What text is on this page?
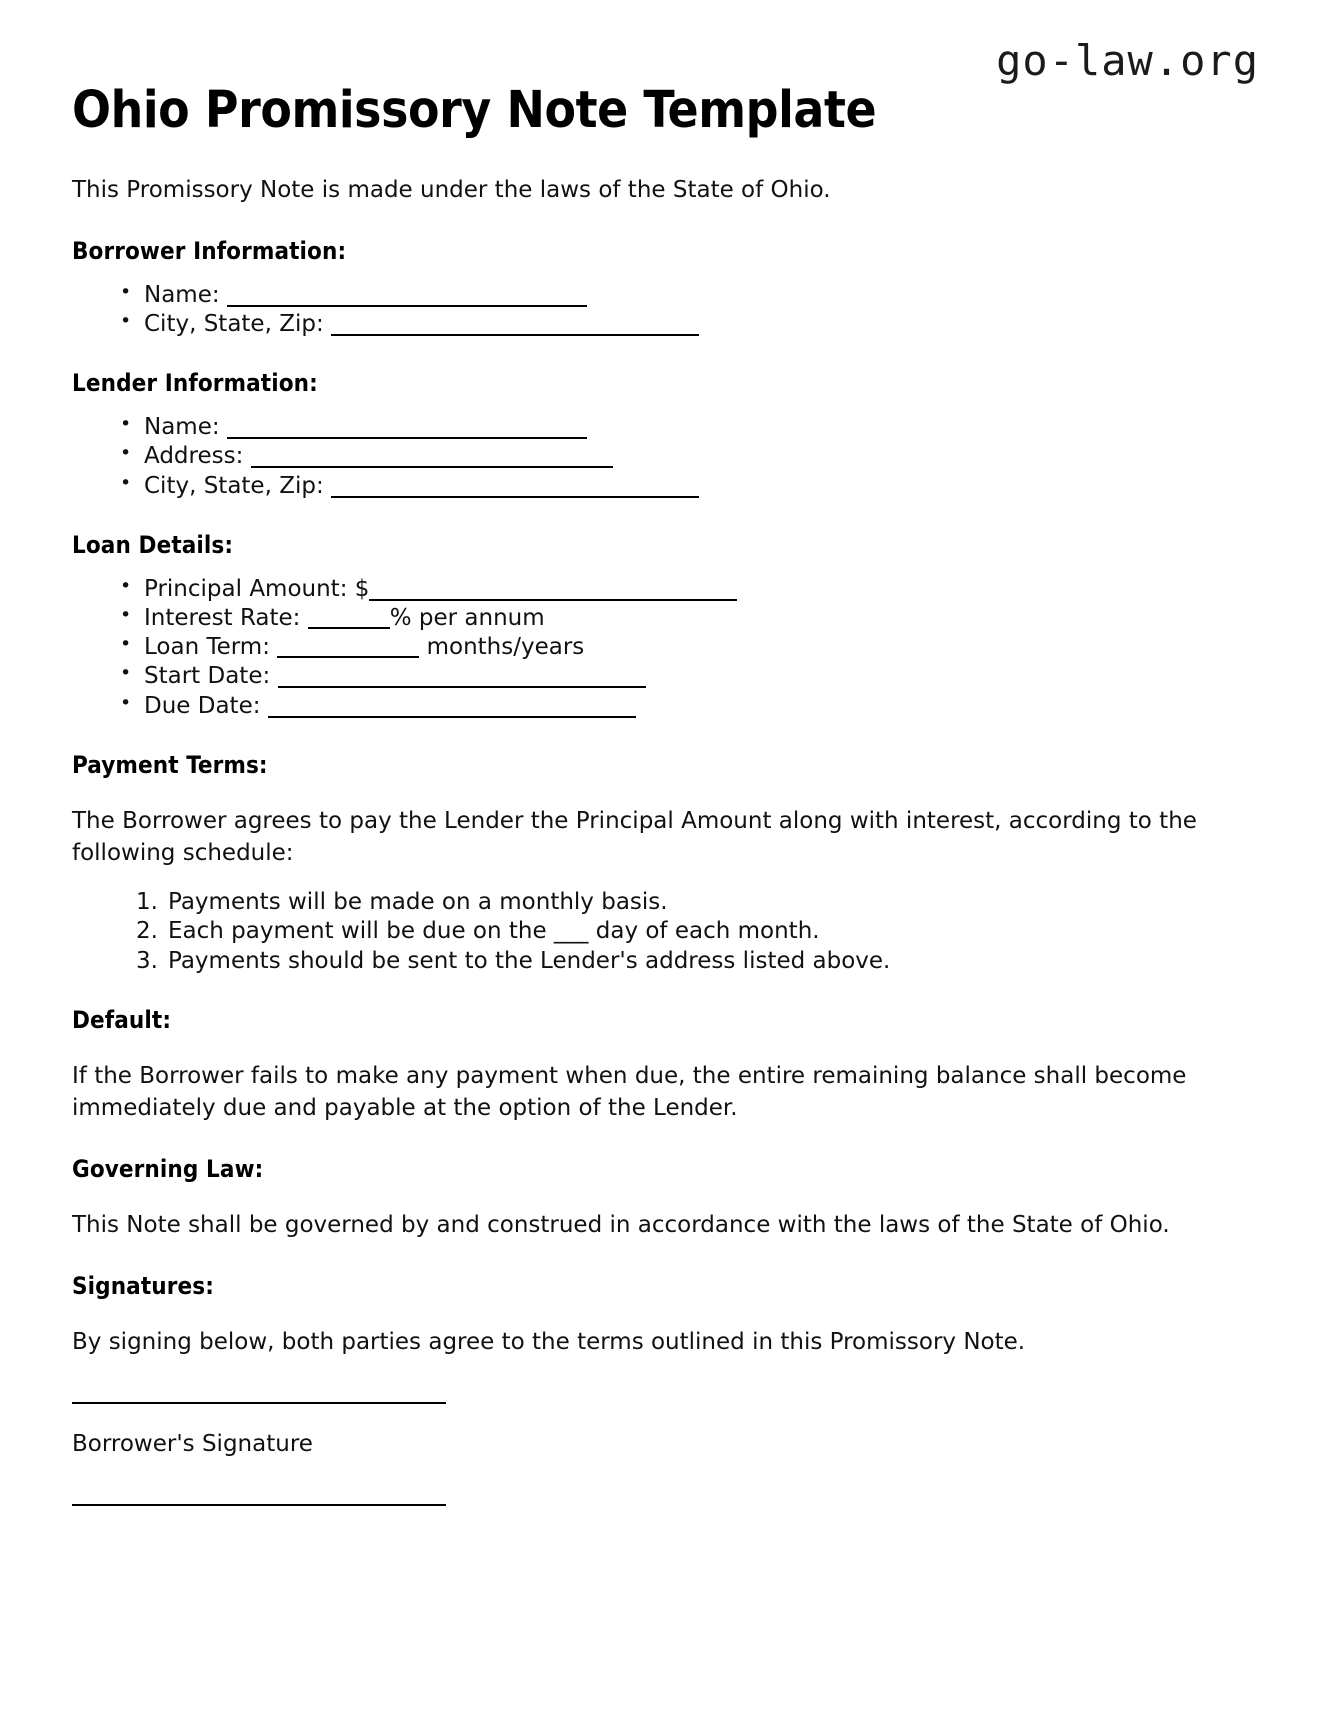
go-law.org
Ohio Promissory Note Template

This Promissory Note is made under the laws of the State of Ohio.

Borrower Information:
• Name:
• City, State, Zip:
Lender Information:
• Name:
• Address:
• City, State, Zip:
Loan Details:
• Principal Amount: $
• Interest Rate:	% per annum
• Loan Term:	months/years
• Start Date:
• Due Date:
Payment Terms:

The Borrower agrees to pay the Lender the Principal Amount along with interest, according to the following schedule:

Payments will be made on a monthly basis.
Each payment will be due on the ___ day of each month.
Payments should be sent to the Lender's address listed above.
Default:

If the Borrower fails to make any payment when due, the entire remaining balance shall become immediately due and payable at the option of the Lender.

Governing Law:

This Note shall be governed by and construed in accordance with the laws of the State of Ohio.

Signatures:

By signing below, both parties agree to the terms outlined in this Promissory Note.

Borrower's Signature
